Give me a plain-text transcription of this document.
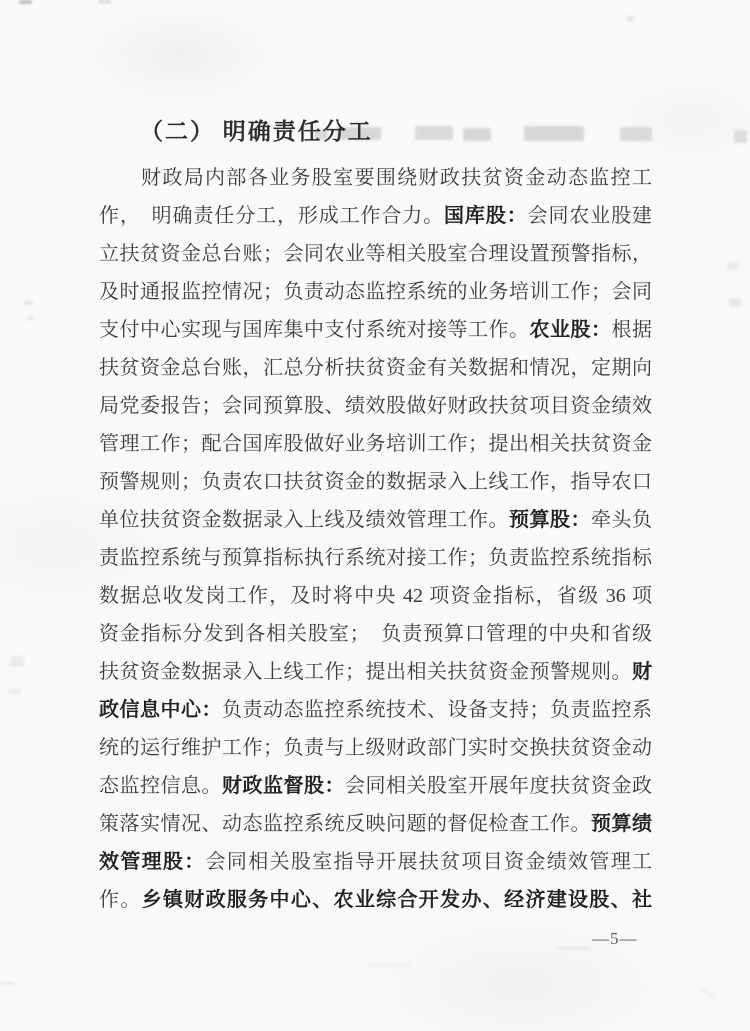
（二） 明确责任分工
财政局内部各业务股室要围绕财政扶贫资金动态监控工
作，　明确责任分工，形成工作合力。国库股：会同农业股建
立扶贫资金总台账；会同农业等相关股室合理设置预警指标，
及时通报监控情况；负责动态监控系统的业务培训工作；会同
支付中心实现与国库集中支付系统对接等工作。农业股：根据
扶贫资金总台账，汇总分析扶贫资金有关数据和情况，定期向
局党委报告；会同预算股、绩效股做好财政扶贫项目资金绩效
管理工作；配合国库股做好业务培训工作；提出相关扶贫资金
预警规则；负责农口扶贫资金的数据录入上线工作，指导农口
单位扶贫资金数据录入上线及绩效管理工作。预算股：牵头负
责监控系统与预算指标执行系统对接工作；负责监控系统指标
数据总收发岗工作，及时将中央 42 项资金指标，省级 36 项
资金指标分发到各相关股室；　负责预算口管理的中央和省级
扶贫资金数据录入上线工作；提出相关扶贫资金预警规则。财
政信息中心：负责动态监控系统技术、设备支持；负责监控系
统的运行维护工作；负责与上级财政部门实时交换扶贫资金动
态监控信息。财政监督股：会同相关股室开展年度扶贫资金政
策落实情况、动态监控系统反映问题的督促检查工作。预算绩
效管理股：会同相关股室指导开展扶贫项目资金绩效管理工
作。乡镇财政服务中心、农业综合开发办、经济建设股、社
—5—
